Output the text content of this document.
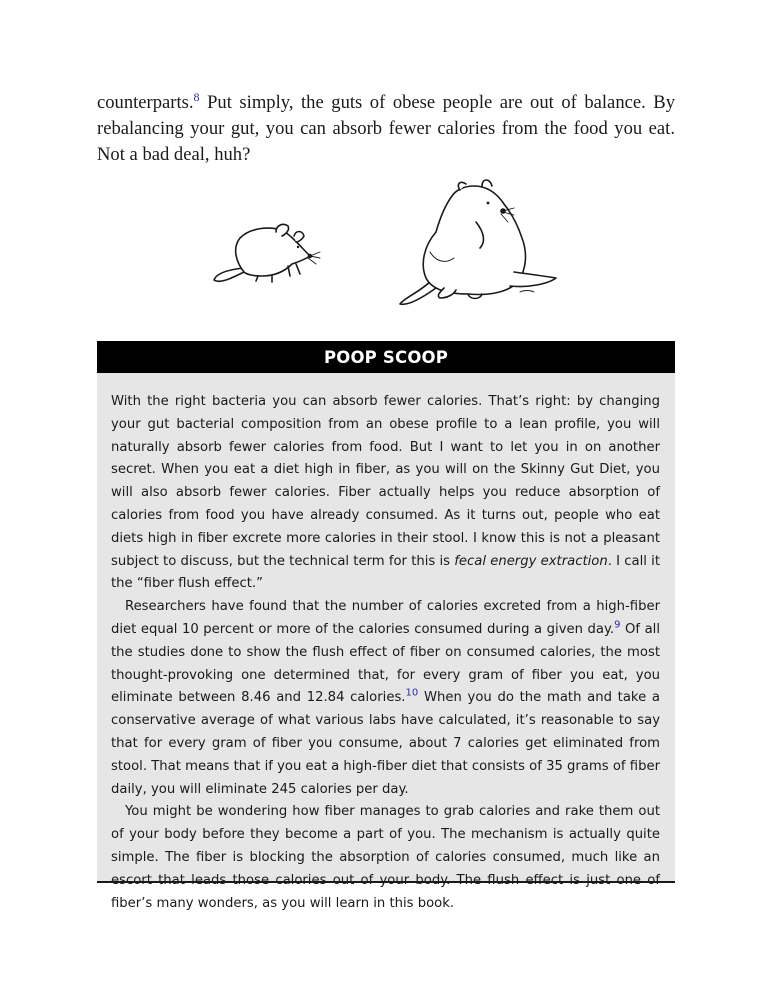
counterparts.$^8$ Put simply, the guts of obese people are out of balance. By rebalancing your gut, you can absorb fewer calories from the food you eat. Not a bad deal, huh?

POOP SCOOP

With the right bacteria you can absorb fewer calories. That’s right: by changing your gut bacterial composition from an obese profile to a lean profile, you will naturally absorb fewer calories from food. But I want to let you in on another secret. When you eat a diet high in fiber, as you will on the Skinny Gut Diet, you will also absorb fewer calories. Fiber actually helps you reduce absorption of calories from food you have already consumed. As it turns out, people who eat diets high in fiber excrete more calories in their stool. I know this is not a pleasant subject to discuss, but the technical term for this is fecal energy extraction. I call it the “fiber flush effect.”

Researchers have found that the number of calories excreted from a high-fiber diet equal 10 percent or more of the calories consumed during a given day.$^9$ Of all the studies done to show the flush effect of fiber on consumed calories, the most thought-provoking one determined that, for every gram of fiber you eat, you eliminate between 8.46 and 12.84 calories.$^{10}$ When you do the math and take a conservative average of what various labs have calculated, it’s reasonable to say that for every gram of fiber you consume, about 7 calories get eliminated from stool. That means that if you eat a high-fiber diet that consists of 35 grams of fiber daily, you will eliminate 245 calories per day.

You might be wondering how fiber manages to grab calories and rake them out of your body before they become a part of you. The mechanism is actually quite simple. The fiber is blocking the absorption of calories consumed, much like an escort that leads those calories out of your body. The flush effect is just one of fiber’s many wonders, as you will learn in this book.
